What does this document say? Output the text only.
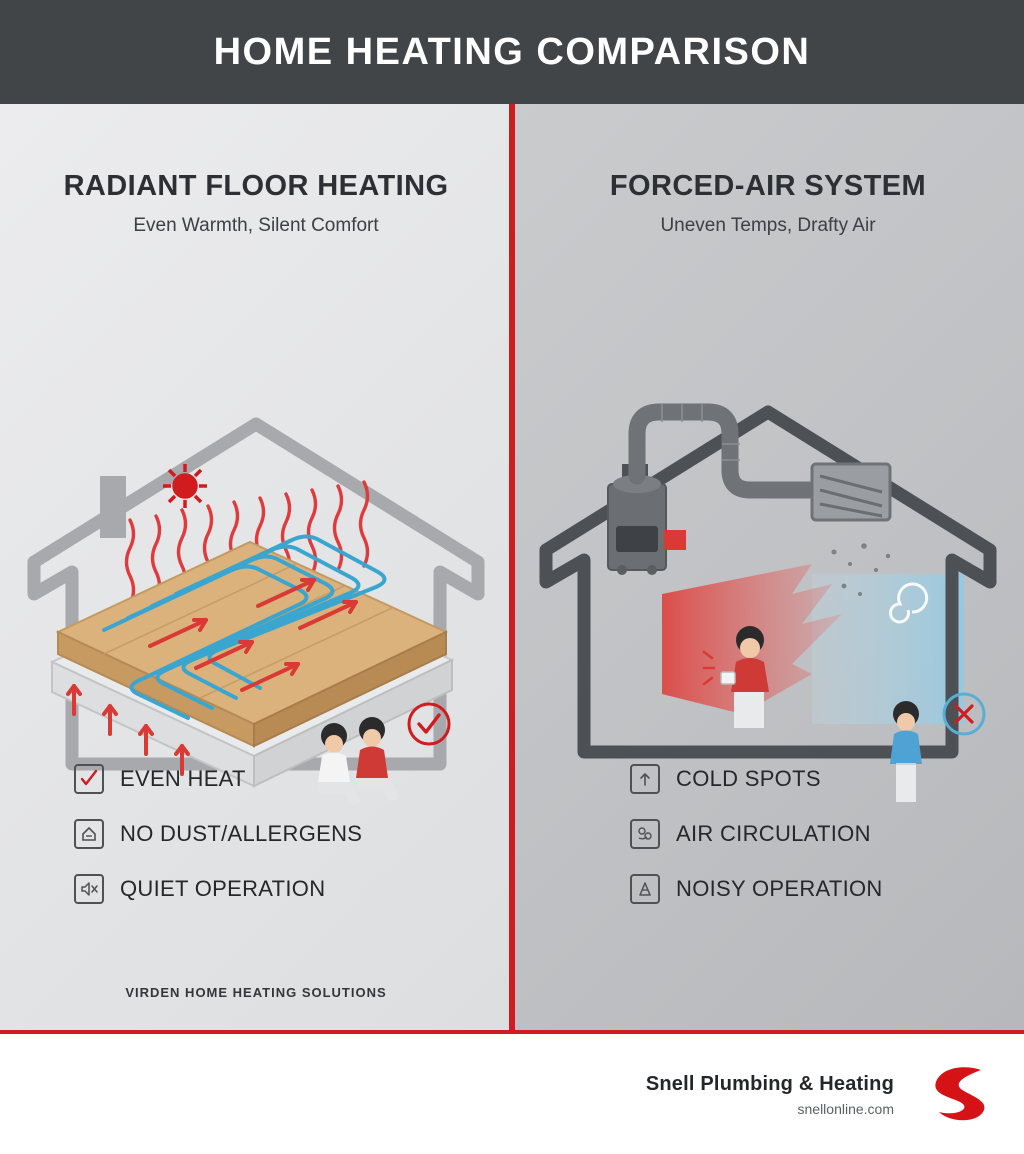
HOME HEATING COMPARISON
RADIANT FLOOR HEATING
Even Warmth, Silent Comfort
EVEN HEAT
NO DUST/ALLERGENS
QUIET OPERATION
VIRDEN HOME HEATING SOLUTIONS
FORCED-AIR SYSTEM
Uneven Temps, Drafty Air
COLD SPOTS
AIR CIRCULATION
NOISY OPERATION
Snell Plumbing & Heating
snellonline.com
